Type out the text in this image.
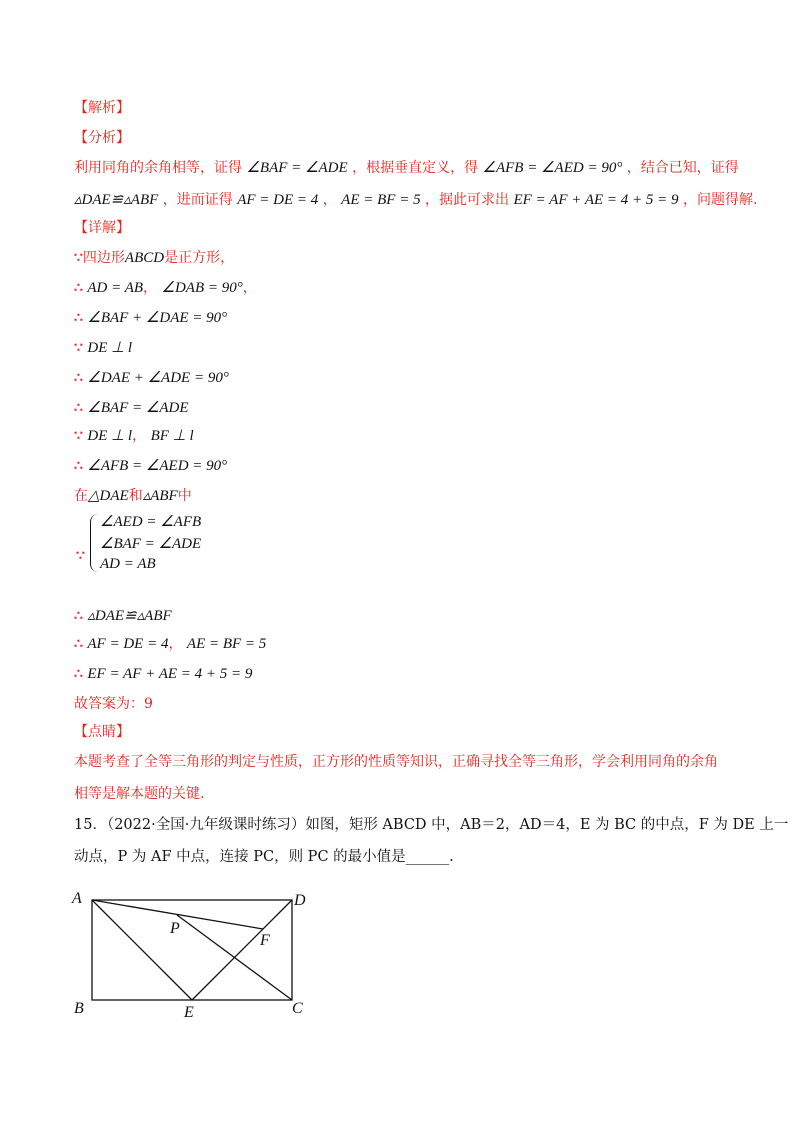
【解析】
【分析】
利用同角的余角相等，证得 ∠BAF = ∠ADE ，根据垂直定义，得 ∠AFB = ∠AED = 90° ，结合已知，证得
▵DAE≌▵ABF ，进而证得 AF = DE = 4 ， AE = BF = 5 ，据此可求出 EF = AF + AE = 4 + 5 = 9 ，问题得解.
【详解】
∵四边形ABCD是正方形，
∴ AD = AB， ∠DAB = 90°，
∴ ∠BAF + ∠DAE = 90°
∵ DE ⊥ l
∴ ∠DAE + ∠ADE = 90°
∴ ∠BAF = ∠ADE
∵ DE ⊥ l， BF ⊥ l
∴ ∠AFB = ∠AED = 90°
在△DAE和▵ABF中
∵
∠AED = ∠AFB
∠BAF = ∠ADE
AD = AB
∴ ▵DAE≌▵ABF
∴ AF = DE = 4， AE = BF = 5
∴ EF = AF + AE = 4 + 5 = 9
故答案为：9
【点睛】
本题考查了全等三角形的判定与性质，正方形的性质等知识，正确寻找全等三角形，学会利用同角的余角
相等是解本题的关键.
15．（2022·全国·九年级课时练习）如图，矩形 ABCD 中，AB＝2，AD＝4，E 为 BC 的中点，F 为 DE 上一
动点，P 为 AF 中点，连接 PC，则 PC 的最小值是______.
A	D
B	C
E
F
P
